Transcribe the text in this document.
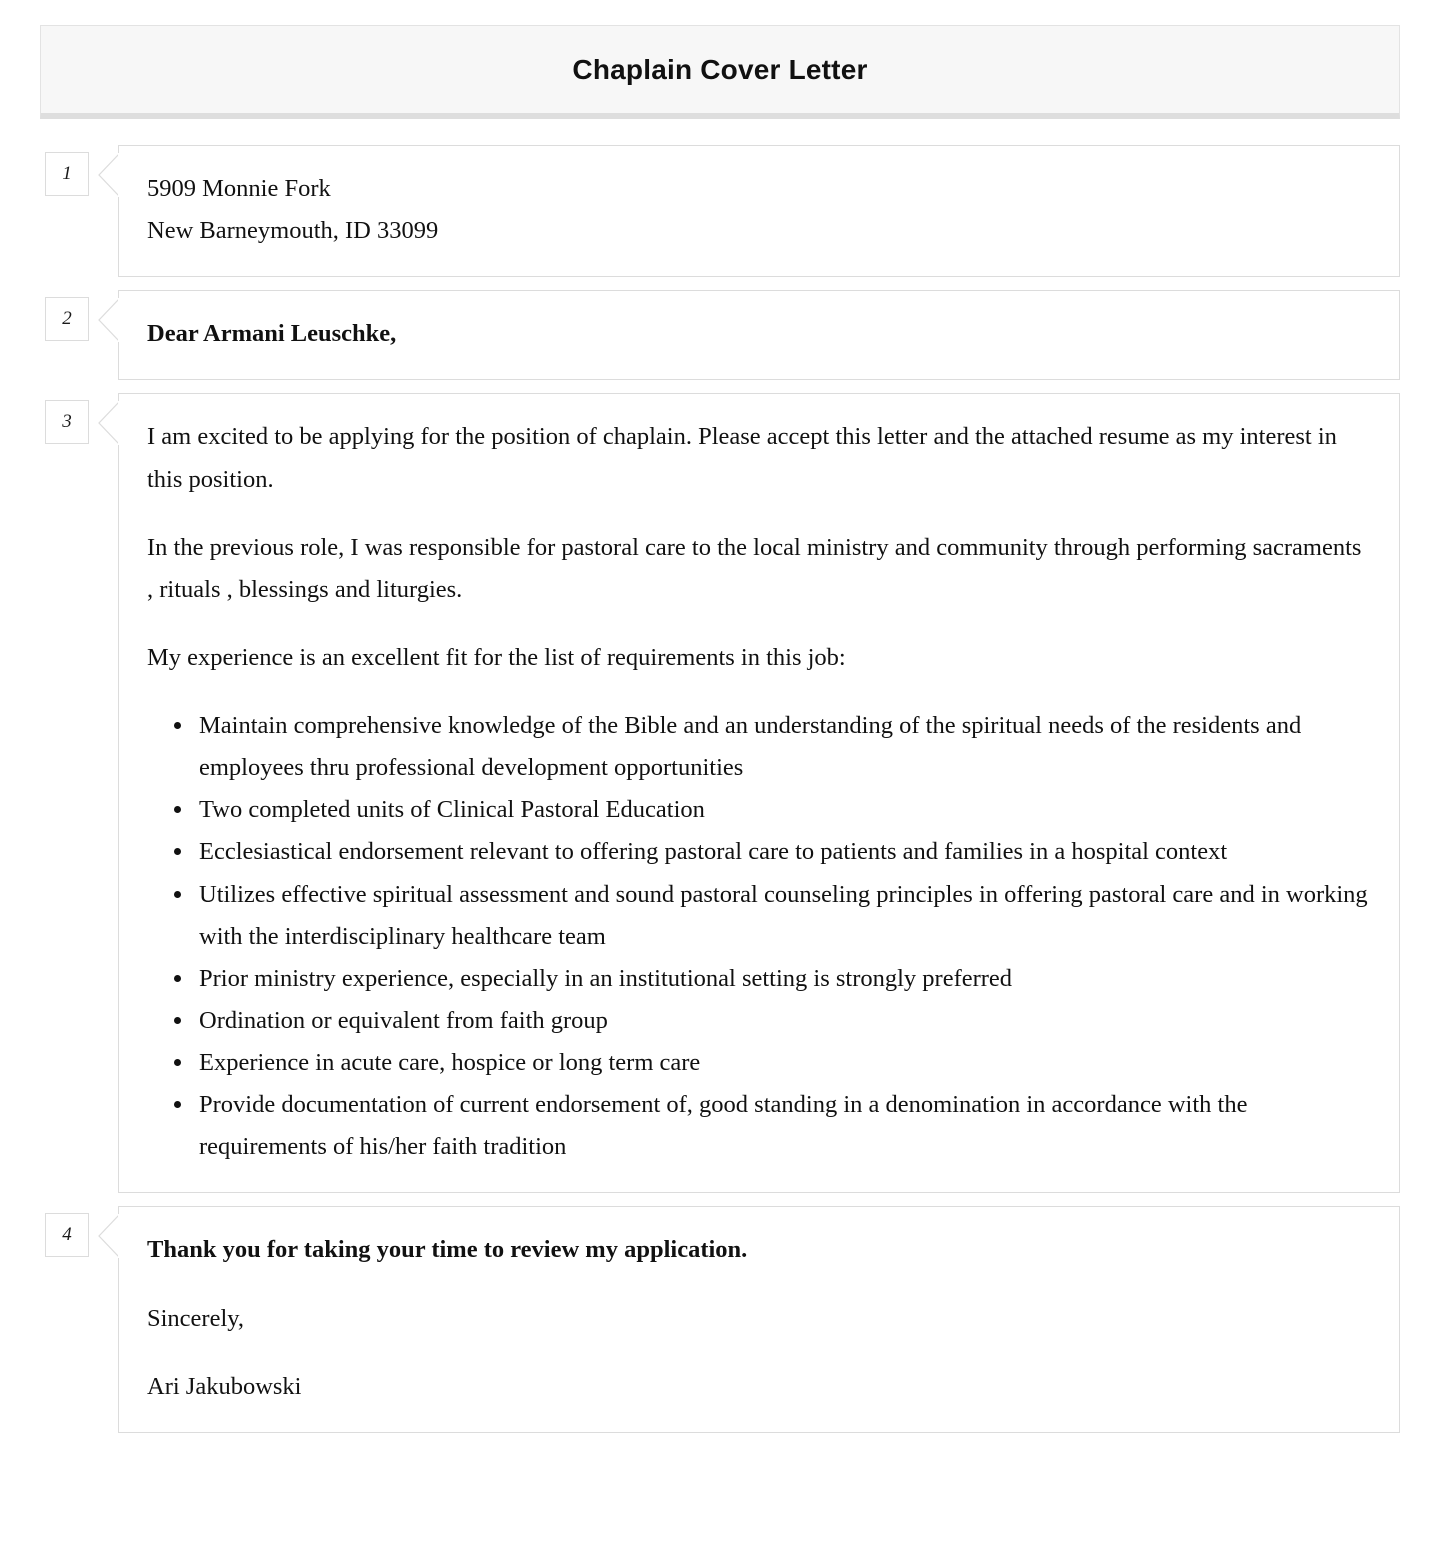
Chaplain Cover Letter
1

5909 Monnie Fork

New Barneymouth, ID 33099

2

Dear Armani Leuschke,

3

I am excited to be applying for the position of chaplain. Please accept this letter and the attached resume as my interest in this position.

In the previous role, I was responsible for pastoral care to the local ministry and community through performing sacraments , rituals , blessings and liturgies.

My experience is an excellent fit for the list of requirements in this job:

• Maintain comprehensive knowledge of the Bible and an understanding of the spiritual needs of the residents and employees thru professional development opportunities
• Two completed units of Clinical Pastoral Education
• Ecclesiastical endorsement relevant to offering pastoral care to patients and families in a hospital context
• Utilizes effective spiritual assessment and sound pastoral counseling principles in offering pastoral care and in working with the interdisciplinary healthcare team
• Prior ministry experience, especially in an institutional setting is strongly preferred
• Ordination or equivalent from faith group
• Experience in acute care, hospice or long term care
• Provide documentation of current endorsement of, good standing in a denomination in accordance with the requirements of his/her faith tradition
4

Thank you for taking your time to review my application.

Sincerely,

Ari Jakubowski
